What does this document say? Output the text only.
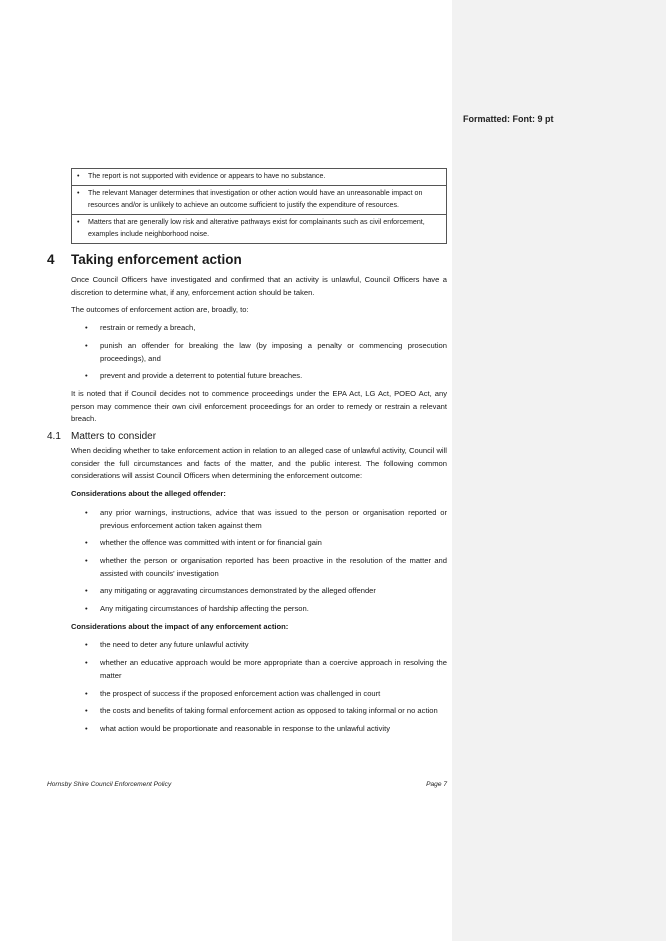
Formatted: Font: 9 pt
•	The report is not supported with evidence or appears to have no substance.

•	The relevant Manager determines that investigation or other action would have an unreasonable impact on resources and/or is unlikely to achieve an outcome sufficient to justify the expenditure of resources.

•	Matters that are generally low risk and alterative pathways exist for complainants such as civil enforcement, examples include neighborhood noise.
4	Taking enforcement action

Once Council Officers have investigated and confirmed that an activity is unlawful, Council Officers have a discretion to determine what, if any, enforcement action should be taken.

The outcomes of enforcement action are, broadly, to:

•	restrain or remedy a breach,
•	punish an offender for breaking the law (by imposing a penalty or commencing prosecution proceedings), and
•	prevent and provide a deterrent to potential future breaches.

It is noted that if Council decides not to commence proceedings under the EPA Act, LG Act, POEO Act, any person may commence their own civil enforcement proceedings for an order to remedy or restrain a relevant breach.

4.1	Matters to consider

When deciding whether to take enforcement action in relation to an alleged case of unlawful activity, Council will consider the full circumstances and facts of the matter, and the public interest. The following common considerations will assist Council Officers when determining the enforcement outcome:

Considerations about the alleged offender:

•	any prior warnings, instructions, advice that was issued to the person or organisation reported or previous enforcement action taken against them
•	whether the offence was committed with intent or for financial gain
•	whether the person or organisation reported has been proactive in the resolution of the matter and assisted with councils’ investigation
•	any mitigating or aggravating circumstances demonstrated by the alleged offender
•	Any mitigating circumstances of hardship affecting the person.

Considerations about the impact of any enforcement action:

•	the need to deter any future unlawful activity
•	whether an educative approach would be more appropriate than a coercive approach in resolving the matter
•	the prospect of success if the proposed enforcement action was challenged in court
•	the costs and benefits of taking formal enforcement action as opposed to taking informal or no action
•	what action would be proportionate and reasonable in response to the unlawful activity
Hornsby Shire Council Enforcement Policy	Page 7
